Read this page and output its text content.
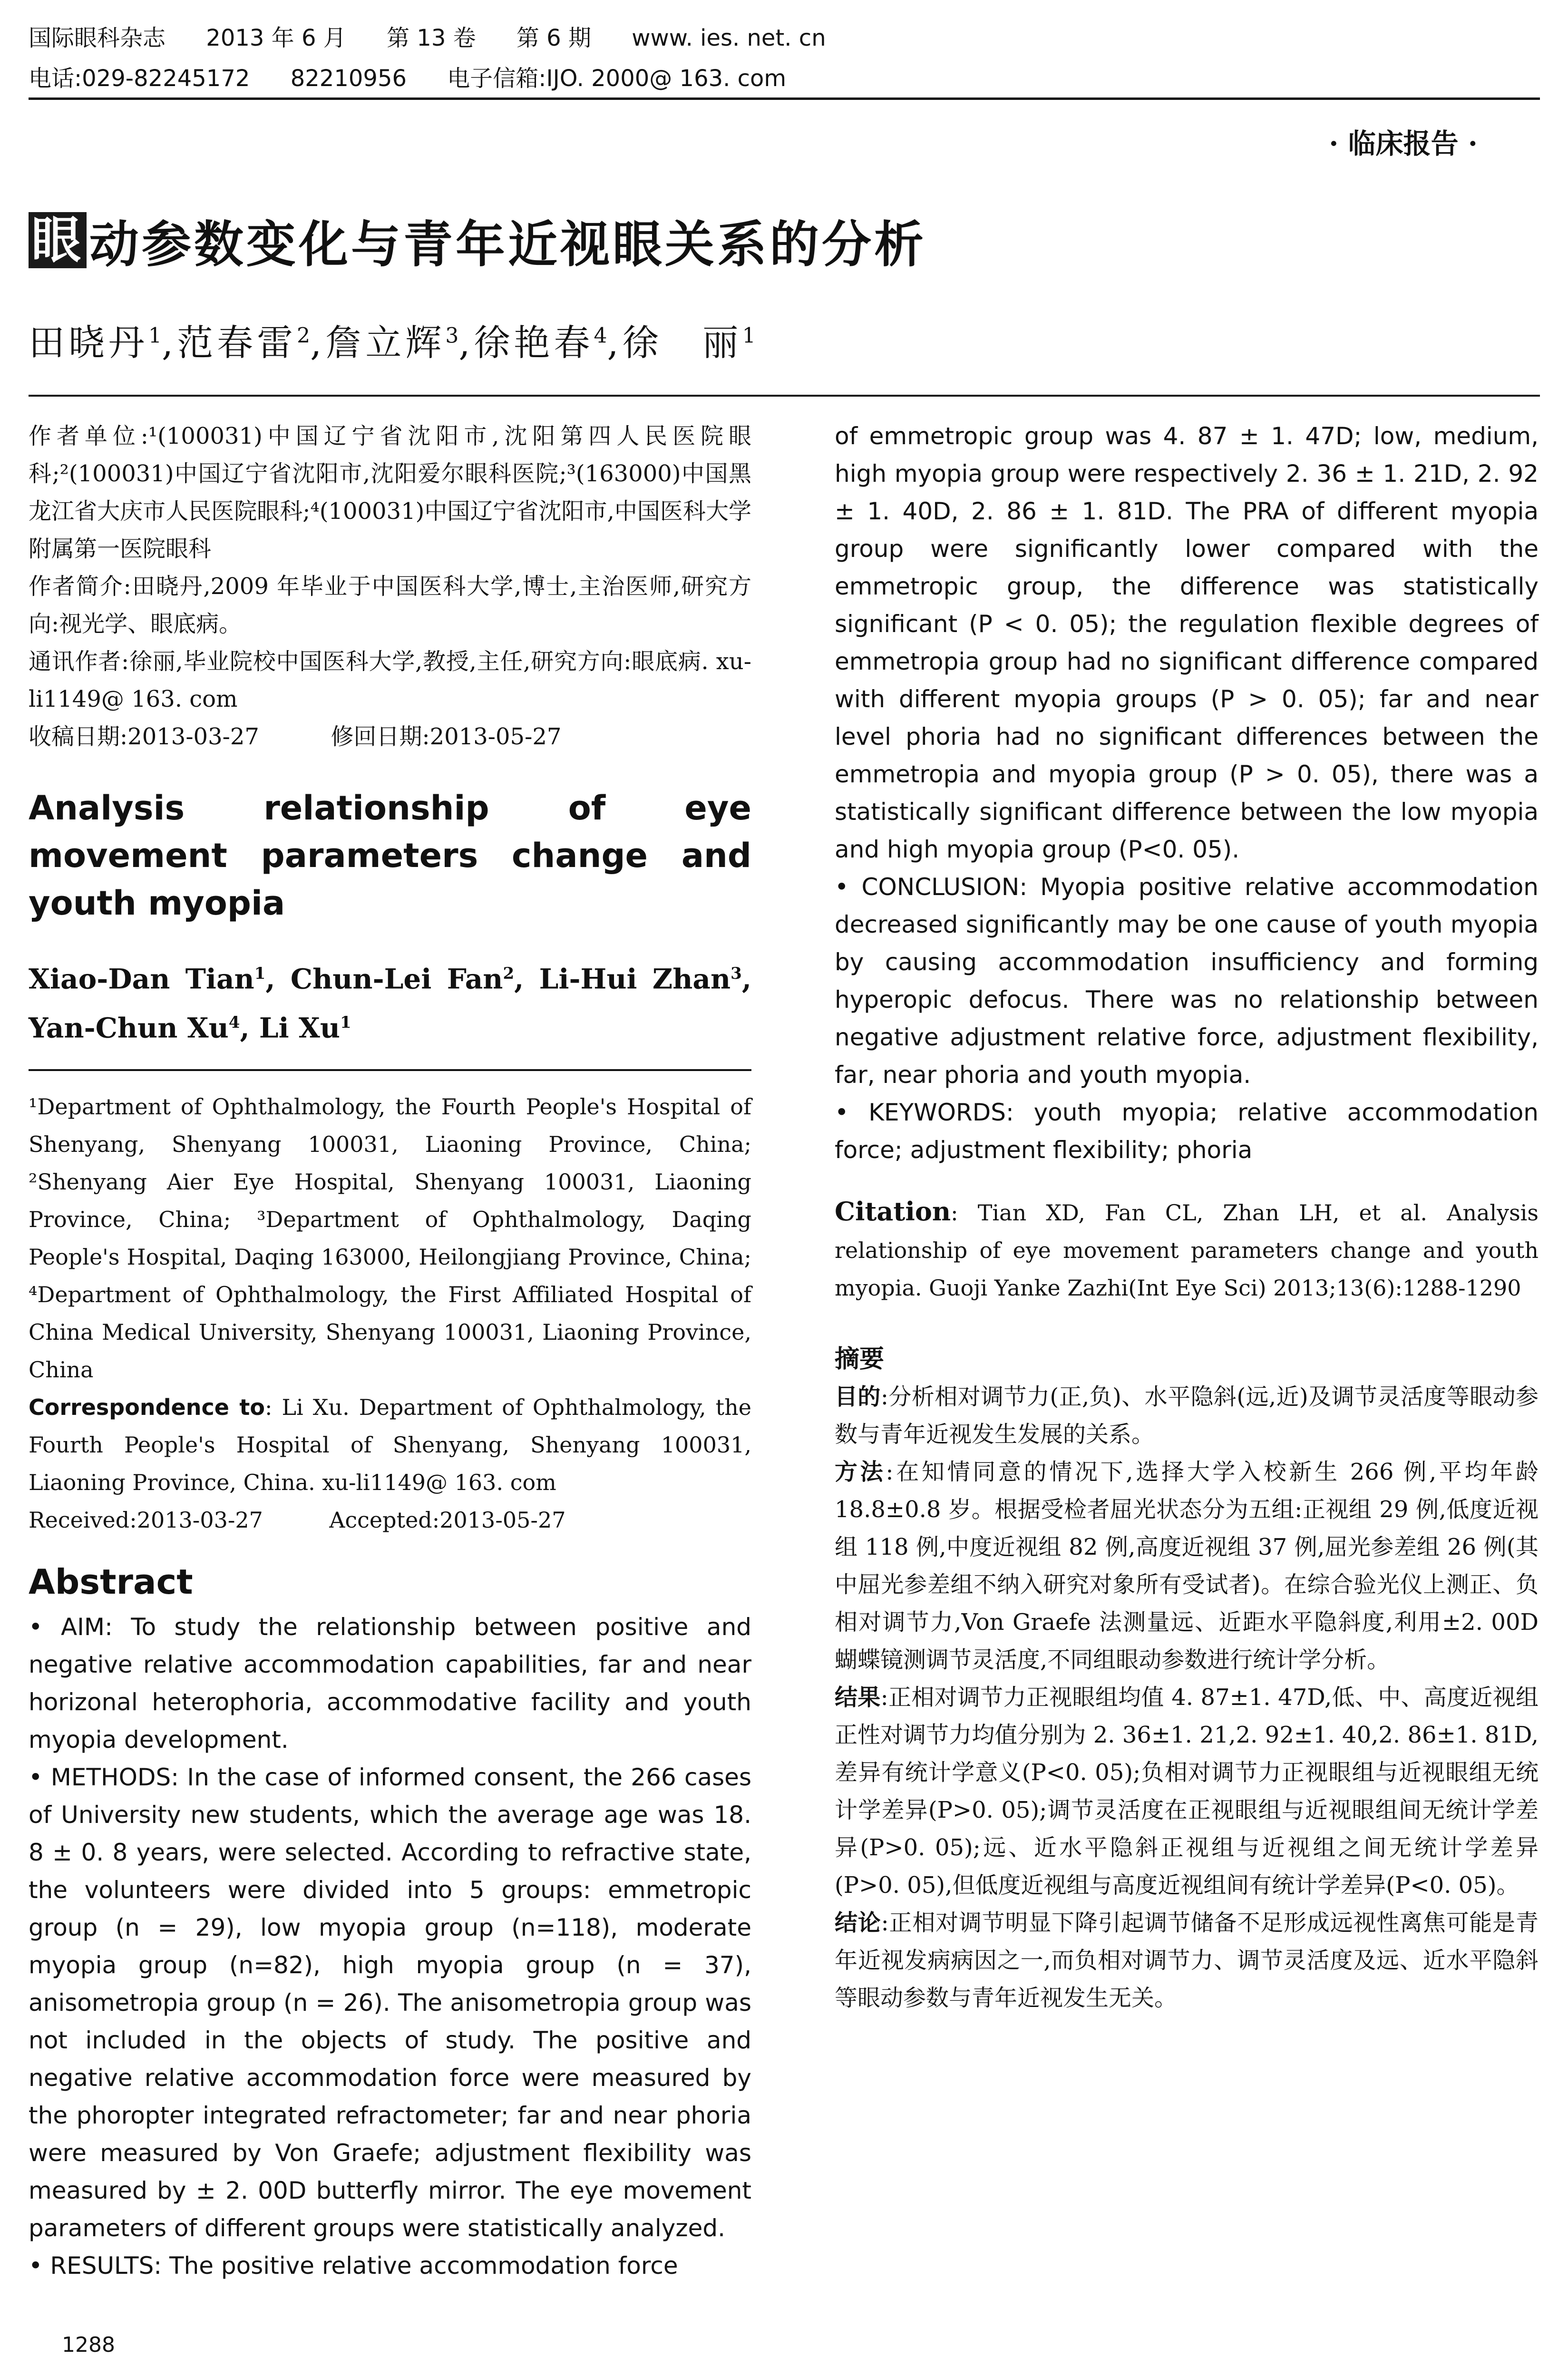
国际眼科杂志 2013 年 6 月 第 13 卷 第 6 期 www. ies. net. cn
电话:029-82245172 82210956 电子信箱:IJO. 2000@ 163. com
· 临床报告 ·
眼 动参数变化与青年近视眼关系的分析
田晓丹$^1$,范春雷$^2$,詹立辉$^3$,徐艳春$^4$,徐　丽$^1$

作者单位:¹(100031)中国辽宁省沈阳市,沈阳第四人民医院眼科;²(100031)中国辽宁省沈阳市,沈阳爱尔眼科医院;³(163000)中国黑龙江省大庆市人民医院眼科;⁴(100031)中国辽宁省沈阳市,中国医科大学附属第一医院眼科

作者简介:田晓丹,2009 年毕业于中国医科大学,博士,主治医师,研究方向:视光学、眼底病。

通讯作者:徐丽,毕业院校中国医科大学,教授,主任,研究方向:眼底病. xu-li1149@ 163. com

收稿日期:2013-03-27	修回日期:2013-05-27

Analysis relationship of eye movement parameters change and youth myopia

Xiao-Dan Tian$^1$, Chun-Lei Fan$^2$, Li-Hui Zhan$^3$, Yan-Chun Xu$^4$, Li Xu$^1$

¹Department of Ophthalmology, the Fourth People's Hospital of Shenyang, Shenyang 100031, Liaoning Province, China; ²Shenyang Aier Eye Hospital, Shenyang 100031, Liaoning Province, China; ³Department of Ophthalmology, Daqing People's Hospital, Daqing 163000, Heilongjiang Province, China; ⁴Department of Ophthalmology, the First Affiliated Hospital of China Medical University, Shenyang 100031, Liaoning Province, China

Correspondence to: Li Xu. Department of Ophthalmology, the Fourth People's Hospital of Shenyang, Shenyang 100031, Liaoning Province, China. xu-li1149@ 163. com

Received:2013-03-27	Accepted:2013-05-27

Abstract

• AIM: To study the relationship between positive and negative relative accommodation capabilities, far and near horizonal heterophoria, accommodative facility and youth myopia development.

• METHODS: In the case of informed consent, the 266 cases of University new students, which the average age was 18. 8 ± 0. 8 years, were selected. According to refractive state, the volunteers were divided into 5 groups: emmetropic group (n = 29), low myopia group (n=118), moderate myopia group (n=82), high myopia group (n = 37), anisometropia group (n = 26). The anisometropia group was not included in the objects of study. The positive and negative relative accommodation force were measured by the phoropter integrated refractometer; far and near phoria were measured by Von Graefe; adjustment flexibility was measured by ± 2. 00D butterfly mirror. The eye movement parameters of different groups were statistically analyzed.

• RESULTS: The positive relative accommodation force

of emmetropic group was 4. 87 ± 1. 47D; low, medium, high myopia group were respectively 2. 36 ± 1. 21D, 2. 92 ± 1. 40D, 2. 86 ± 1. 81D. The PRA of different myopia group were significantly lower compared with the emmetropic group, the difference was statistically significant (P < 0. 05); the regulation flexible degrees of emmetropia group had no significant difference compared with different myopia groups (P > 0. 05); far and near level phoria had no significant differences between the emmetropia and myopia group (P > 0. 05), there was a statistically significant difference between the low myopia and high myopia group (P<0. 05).

• CONCLUSION: Myopia positive relative accommodation decreased significantly may be one cause of youth myopia by causing accommodation insufficiency and forming hyperopic defocus. There was no relationship between negative adjustment relative force, adjustment flexibility, far, near phoria and youth myopia.

• KEYWORDS: youth myopia; relative accommodation force; adjustment flexibility; phoria

Citation: Tian XD, Fan CL, Zhan LH, et al. Analysis relationship of eye movement parameters change and youth myopia. Guoji Yanke Zazhi(Int Eye Sci) 2013;13(6):1288-1290

摘要

目的:分析相对调节力(正,负)、水平隐斜(远,近)及调节灵活度等眼动参数与青年近视发生发展的关系。

方法:在知情同意的情况下,选择大学入校新生 266 例,平均年龄 18.8±0.8 岁。根据受检者屈光状态分为五组:正视组 29 例,低度近视组 118 例,中度近视组 82 例,高度近视组 37 例,屈光参差组 26 例(其中屈光参差组不纳入研究对象所有受试者)。在综合验光仪上测正、负相对调节力,Von Graefe 法测量远、近距水平隐斜度,利用±2. 00D 蝴蝶镜测调节灵活度,不同组眼动参数进行统计学分析。

结果:正相对调节力正视眼组均值 4. 87±1. 47D,低、中、高度近视组正性对调节力均值分别为 2. 36±1. 21,2. 92±1. 40,2. 86±1. 81D,差异有统计学意义(P<0. 05);负相对调节力正视眼组与近视眼组无统计学差异(P>0. 05);调节灵活度在正视眼组与近视眼组间无统计学差异(P>0. 05);远、近水平隐斜正视组与近视组之间无统计学差异(P>0. 05),但低度近视组与高度近视组间有统计学差异(P<0. 05)。

结论:正相对调节明显下降引起调节储备不足形成远视性离焦可能是青年近视发病病因之一,而负相对调节力、调节灵活度及远、近水平隐斜等眼动参数与青年近视发生无关。

1288
